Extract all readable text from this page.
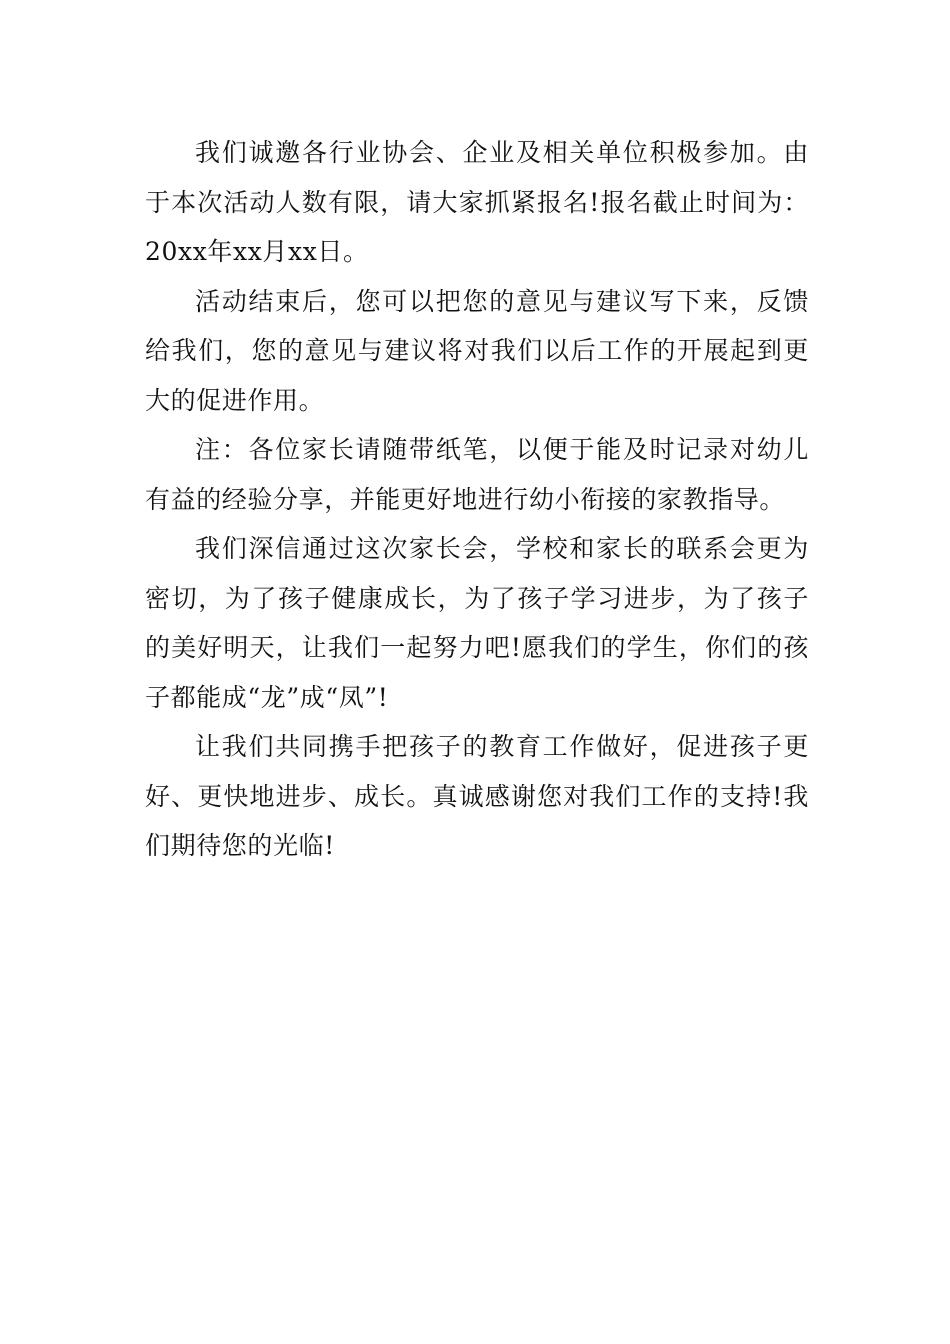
我们诚邀各行业协会、企业及相关单位积极参加。由于本次活动人数有限，请大家抓紧报名!报名截止时间为：20xx年xx月xx日。

活动结束后，您可以把您的意见与建议写下来，反馈给我们，您的意见与建议将对我们以后工作的开展起到更大的促进作用。

注：各位家长请随带纸笔，以便于能及时记录对幼儿有益的经验分享，并能更好地进行幼小衔接的家教指导。

我们深信通过这次家长会，学校和家长的联系会更为密切，为了孩子健康成长，为了孩子学习进步，为了孩子的美好明天，让我们一起努力吧!愿我们的学生，你们的孩子都能成“龙”成“凤”!

让我们共同携手把孩子的教育工作做好，促进孩子更好、更快地进步、成长。真诚感谢您对我们工作的支持!我们期待您的光临!
